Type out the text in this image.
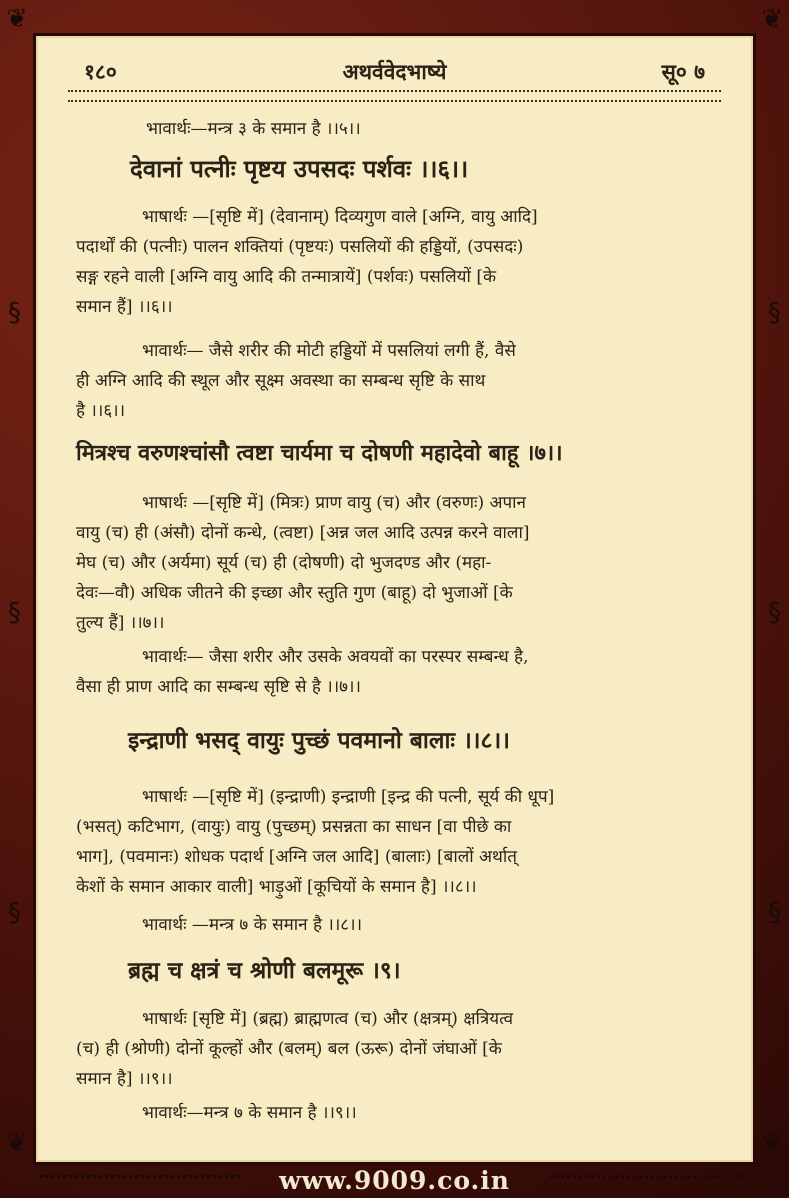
❦	❦
❦	❦
§
§
§
§
§
§
१८०	अथर्ववेदभाष्ये	सू० ७
भावार्थः—मन्त्र ३ के समान है ।।५।।
देवानां पत्नीः पृष्टय उपसदः पर्शवः ।।६।।
भाषार्थः —[सृष्टि में] (देवानाम्) दिव्यगुण वाले [अग्नि, वायु आदि]
पदार्थों की (पत्नीः) पालन शक्तियां (पृष्टयः) पसलियों की हड्डियों, (उपसदः)
सङ्ग रहने वाली [अग्नि वायु आदि की तन्मात्रायें] (पर्शवः) पसलियों [के
समान हैं] ।।६।।
भावार्थः— जैसे शरीर की मोटी हड्डियों में पसलियां लगी हैं, वैसे
ही अग्नि आदि की स्थूल और सूक्ष्म अवस्था का सम्बन्ध सृष्टि के साथ
है ।।६।।
मित्रश्च वरुणश्चांसौ त्वष्टा चार्यमा च दोषणी महादेवो बाहू ।७।।
भाषार्थः —[सृष्टि में] (मित्रः) प्राण वायु (च) और (वरुणः) अपान
वायु (च) ही (अंसौ) दोनों कन्धे, (त्वष्टा) [अन्न जल आदि उत्पन्न करने वाला]
मेघ (च) और (अर्यमा) सूर्य (च) ही (दोषणी) दो भुजदण्ड और (महा-
देवः—वौ) अधिक जीतने की इच्छा और स्तुति गुण (बाहू) दो भुजाओं [के
तुल्य हैं] ।।७।।
भावार्थः— जैसा शरीर और उसके अवयवों का परस्पर सम्बन्ध है,
वैसा ही प्राण आदि का सम्बन्ध सृष्टि से है ।।७।।
इन्द्राणी भसद् वायुः पुच्छं पवमानो बालाः ।।८।।
भाषार्थः —[सृष्टि में] (इन्द्राणी) इन्द्राणी [इन्द्र की पत्नी, सूर्य की धूप]
(भसत्) कटिभाग, (वायुः) वायु (पुच्छम्) प्रसन्नता का साधन [वा पीछे का
भाग], (पवमानः) शोधक पदार्थ [अग्नि जल आदि] (बालाः) [बालों अर्थात्
केशों के समान आकार वाली] भाड़ुओं [कूचियों के समान है] ।।८।।
भावार्थः —मन्त्र ७ के समान है ।।८।।
ब्रह्म च क्षत्रं च श्रोणी बलमूरू ।९।
भाषार्थः [सृष्टि में] (ब्रह्म) ब्राह्मणत्व (च) और (क्षत्रम्) क्षत्रियत्व
(च) ही (श्रोणी) दोनों कूल्हों और (बलम्) बल (ऊरू) दोनों जंघाओं [के
समान है] ।।९।।
भावार्थः—मन्त्र ७ के समान है ।।९।।
www.9009.co.in
